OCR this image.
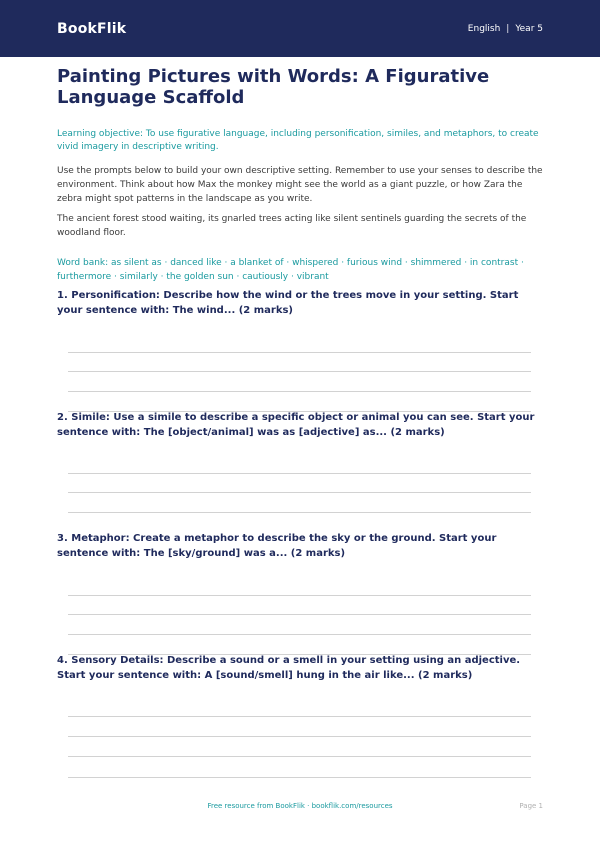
BookFlik	English | Year 5
Painting Pictures with Words: A Figurative Language Scaffold

Learning objective: To use figurative language, including personification, similes, and metaphors, to create vivid imagery in descriptive writing.

Use the prompts below to build your own descriptive setting. Remember to use your senses to describe the environment. Think about how Max the monkey might see the world as a giant puzzle, or how Zara the zebra might spot patterns in the landscape as you write.

The ancient forest stood waiting, its gnarled trees acting like silent sentinels guarding the secrets of the woodland floor.

Word bank: as silent as · danced like · a blanket of · whispered · furious wind · shimmered · in contrast · furthermore · similarly · the golden sun · cautiously · vibrant

1. Personification: Describe how the wind or the trees move in your setting. Start your sentence with: The wind... (2 marks)

2. Simile: Use a simile to describe a specific object or animal you can see. Start your sentence with: The [object/animal] was as [adjective] as... (2 marks)

3. Metaphor: Create a metaphor to describe the sky or the ground. Start your sentence with: The [sky/ground] was a... (2 marks)

4. Sensory Details: Describe a sound or a smell in your setting using an adjective. Start your sentence with: A [sound/smell] hung in the air like... (2 marks)

Free resource from BookFlik · bookflik.com/resources	Page 1
